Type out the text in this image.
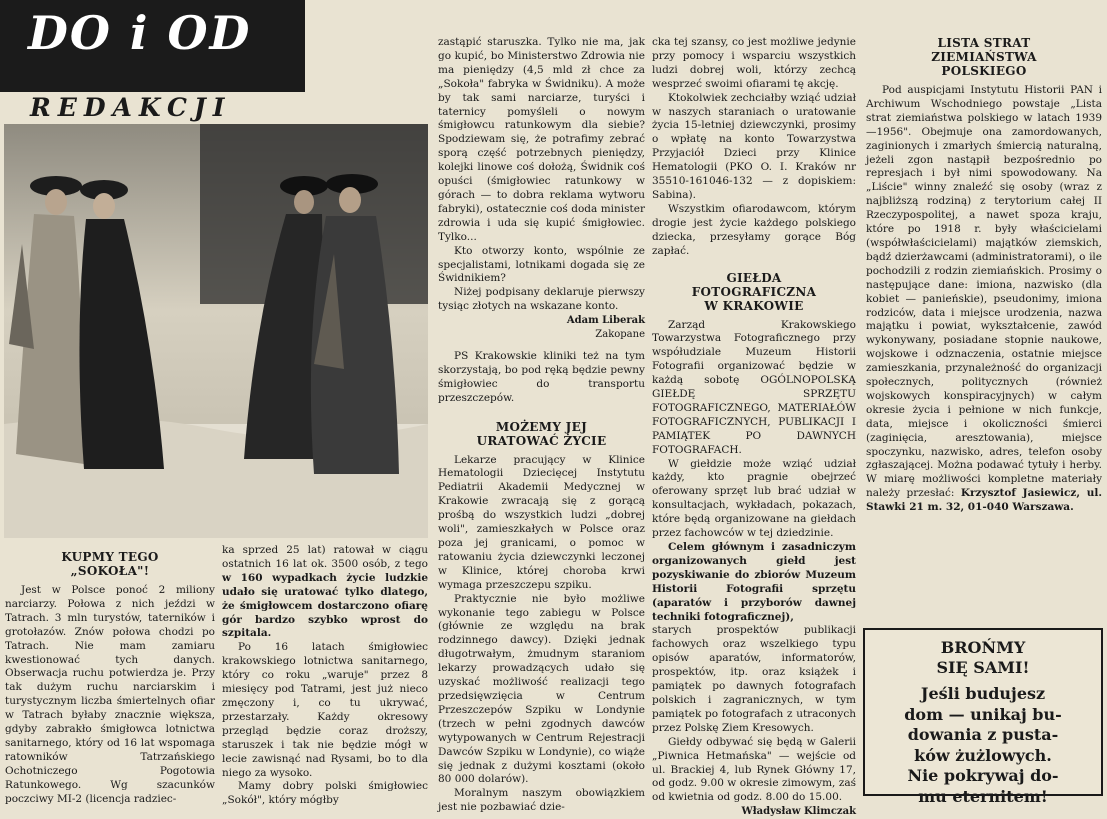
DO i OD
REDAKCJI
KUPMY TEGO
„SOKOŁA"!

Jest w Polsce ponoć 2 miliony narciarzy. Połowa z nich jeździ w Tatrach. 3 mln turystów, taterników i grotołazów. Znów połowa chodzi po Tatrach. Nie mam zamiaru kwestionować tych danych. Obserwacja ruchu potwierdza je. Przy tak dużym ruchu narciarskim i turystycznym liczba śmiertelnych ofiar w Tatrach byłaby znacznie większa, gdyby zabrakło śmigłowca lotnictwa sanitarnego, który od 16 lat wspomaga ratowników Tatrzańskiego Ochotniczego Pogotowia Ratunkowego. Wg szacunków poczciwy MI-2 (licencja radziec-

ka sprzed 25 lat) ratował w ciągu ostatnich 16 lat ok. 3500 osób, z tego w 160 wypadkach życie ludzkie udało się uratować tylko dlatego, że śmigłowcem dostarczono ofiarę gór bardzo szybko wprost do szpitala.

Po 16 latach śmigłowiec krakowskiego lotnictwa sanitarnego, który co roku „waruje" przez 8 miesięcy pod Tatrami, jest już nieco zmęczony i, co tu ukrywać, przestarzały. Każdy okresowy przegląd będzie coraz droższy, staruszek i tak nie będzie mógł w lecie zawisnąć nad Rysami, bo to dla niego za wysoko.

Mamy dobry polski śmigłowiec „Sokół", który mógłby

zastąpić staruszka. Tylko nie ma, jak go kupić, bo Ministerstwo Zdrowia nie ma pieniędzy (4,5 mld zł chce za „Sokoła" fabryka w Świdniku). A może by tak sami narciarze, turyści i taternicy pomyśleli o nowym śmigłowcu ratunkowym dla siebie? Spodziewam się, że potrafimy zebrać sporą część potrzebnych pieniędzy, kolejki linowe coś dołożą, Świdnik coś opuści (śmigłowiec ratunkowy w górach — to dobra reklama wytworu fabryki), ostatecznie coś doda minister zdrowia i uda się kupić śmigłowiec. Tylko...

Kto otworzy konto, wspólnie ze specjalistami, lotnikami dogada się ze Świdnikiem?

Niżej podpisany deklaruje pierwszy tysiąc złotych na wskazane konto.

Adam Liberak
Zakopane

PS Krakowskie kliniki też na tym skorzystają, bo pod ręką będzie pewny śmigłowiec do transportu przeszczepów.

MOŻEMY JEJ
URATOWAĆ ŻYCIE

Lekarze pracujący w Klinice Hematologii Dziecięcej Instytutu Pediatrii Akademii Medycznej w Krakowie zwracają się z gorącą prośbą do wszystkich ludzi „dobrej woli", zamieszkałych w Polsce oraz poza jej granicami, o pomoc w ratowaniu życia dziewczynki leczonej w Klinice, której choroba krwi wymaga przeszczepu szpiku.

Praktycznie nie było możliwe wykonanie tego zabiegu w Polsce (głównie ze względu na brak rodzinnego dawcy). Dzięki jednak długotrwałym, żmudnym staraniom lekarzy prowadzących udało się uzyskać możliwość realizacji tego przedsięwzięcia w Centrum Przeszczepów Szpiku w Londynie (trzech w pełni zgodnych dawców wytypowanych w Centrum Rejestracji Dawców Szpiku w Londynie), co wiąże się jednak z dużymi kosztami (około 80 000 dolarów).

Moralnym naszym obowiązkiem jest nie pozbawiać dzie-

cka tej szansy, co jest możliwe jedynie przy pomocy i wsparciu wszystkich ludzi dobrej woli, którzy zechcą wesprzeć swoimi ofiarami tę akcję.

Ktokolwiek zechciałby wziąć udział w naszych staraniach o uratowanie życia 15-letniej dziewczynki, prosimy o wpłatę na konto Towarzystwa Przyjaciół Dzieci przy Klinice Hematologii (PKO O. I. Kraków nr 35510-161046-132 — z dopiskiem: Sabina).

Wszystkim ofiarodawcom, którym drogie jest życie każdego polskiego dziecka, przesyłamy gorące Bóg zapłać.

GIEŁDA
FOTOGRAFICZNA
W KRAKOWIE

Zarząd Krakowskiego Towarzystwa Fotograficznego przy współudziale Muzeum Historii Fotografii organizować będzie w każdą sobotę OGÓLNOPOLSKĄ GIEŁDĘ SPRZĘTU FOTOGRAFICZNEGO, MATERIAŁÓW FOTOGRAFICZNYCH, PUBLIKACJI I PAMIĄTEK PO DAWNYCH FOTOGRAFACH.

W giełdzie może wziąć udział każdy, kto pragnie obejrzeć oferowany sprzęt lub brać udział w konsultacjach, wykładach, pokazach, które będą organizowane na giełdach przez fachowców w tej dziedzinie.

Celem głównym i zasadniczym organizowanych giełd jest pozyskiwanie do zbiorów Muzeum Historii Fotografii sprzętu (aparatów i przyborów dawnej techniki fotograficznej),

starych prospektów publikacji fachowych oraz wszelkiego typu opisów aparatów, informatorów, prospektów, itp. oraz książek i pamiątek po dawnych fotografach polskich i zagranicznych, w tym pamiątek po fotografach z utraconych przez Polskę Ziem Kresowych.

Giełdy odbywać się będą w Galerii „Piwnica Hetmańska" — wejście od ul. Brackiej 4, lub Rynek Główny 17, od godz. 9.00 w okresie zimowym, zaś od kwietnia od godz. 8.00 do 15.00.

Władysław Klimczak
LISTA STRAT
ZIEMIAŃSTWA
POLSKIEGO

Pod auspicjami Instytutu Historii PAN i Archiwum Wschodniego powstaje „Lista strat ziemiaństwa polskiego w latach 1939—1956". Obejmuje ona zamordowanych, zaginionych i zmarłych śmiercią naturalną, jeżeli zgon nastąpił bezpośrednio po represjach i był nimi spowodowany. Na „Liście" winny znaleźć się osoby (wraz z najbliższą rodziną) z terytorium całej II Rzeczypospolitej, a nawet spoza kraju, które po 1918 r. były właścicielami (współwłaścicielami) majątków ziemskich, bądź dzierżawcami (administratorami), o ile pochodzili z rodzin ziemiańskich. Prosimy o następujące dane: imiona, nazwisko (dla kobiet — panieńskie), pseudonimy, imiona rodziców, data i miejsce urodzenia, nazwa majątku i powiat, wykształcenie, zawód wykonywany, posiadane stopnie naukowe, wojskowe i odznaczenia, ostatnie miejsce zamieszkania, przynależność do organizacji społecznych, politycznych (również wojskowych konspiracyjnych) w całym okresie życia i pełnione w nich funkcje, data, miejsce i okoliczności śmierci (zaginięcia, aresztowania), miejsce spoczynku, nazwisko, adres, telefon osoby zgłaszającej. Można podawać tytuły i herby. W miarę możliwości kompletne materiały należy przesłać: Krzysztof Jasiewicz, ul. Stawki 21 m. 32, 01-040 Warszawa.

BROŃMY
SIĘ SAMI!
Jeśli budujesz
dom — unikaj bu-
dowania z pusta-
ków żużlowych.
Nie pokrywaj do-
mu eternitem!
